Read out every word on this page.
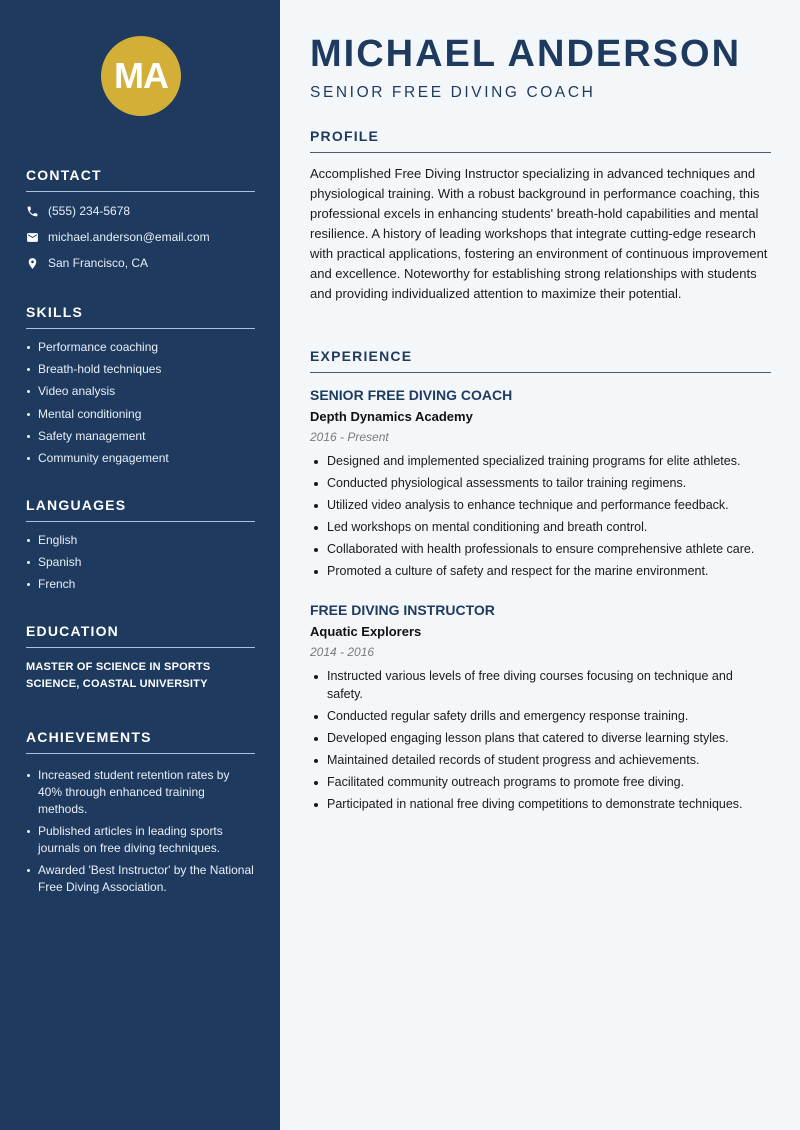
MA
CONTACT
(555) 234-5678
michael.anderson@email.com
San Francisco, CA
SKILLS
Performance coaching
Breath-hold techniques
Video analysis
Mental conditioning
Safety management
Community engagement
LANGUAGES
English
Spanish
French
EDUCATION
MASTER OF SCIENCE IN SPORTS SCIENCE, COASTAL UNIVERSITY
ACHIEVEMENTS
Increased student retention rates by 40% through enhanced training methods.
Published articles in leading sports journals on free diving techniques.
Awarded 'Best Instructor' by the National Free Diving Association.
MICHAEL ANDERSON
SENIOR FREE DIVING COACH
PROFILE

Accomplished Free Diving Instructor specializing in advanced techniques and physiological training. With a robust background in performance coaching, this professional excels in enhancing students' breath-hold capabilities and mental resilience. A history of leading workshops that integrate cutting-edge research with practical applications, fostering an environment of continuous improvement and excellence. Noteworthy for establishing strong relationships with students and providing individualized attention to maximize their potential.

EXPERIENCE
SENIOR FREE DIVING COACH
Depth Dynamics Academy
2016 - Present
Designed and implemented specialized training programs for elite athletes.
Conducted physiological assessments to tailor training regimens.
Utilized video analysis to enhance technique and performance feedback.
Led workshops on mental conditioning and breath control.
Collaborated with health professionals to ensure comprehensive athlete care.
Promoted a culture of safety and respect for the marine environment.
FREE DIVING INSTRUCTOR
Aquatic Explorers
2014 - 2016
Instructed various levels of free diving courses focusing on technique and safety.
Conducted regular safety drills and emergency response training.
Developed engaging lesson plans that catered to diverse learning styles.
Maintained detailed records of student progress and achievements.
Facilitated community outreach programs to promote free diving.
Participated in national free diving competitions to demonstrate techniques.
